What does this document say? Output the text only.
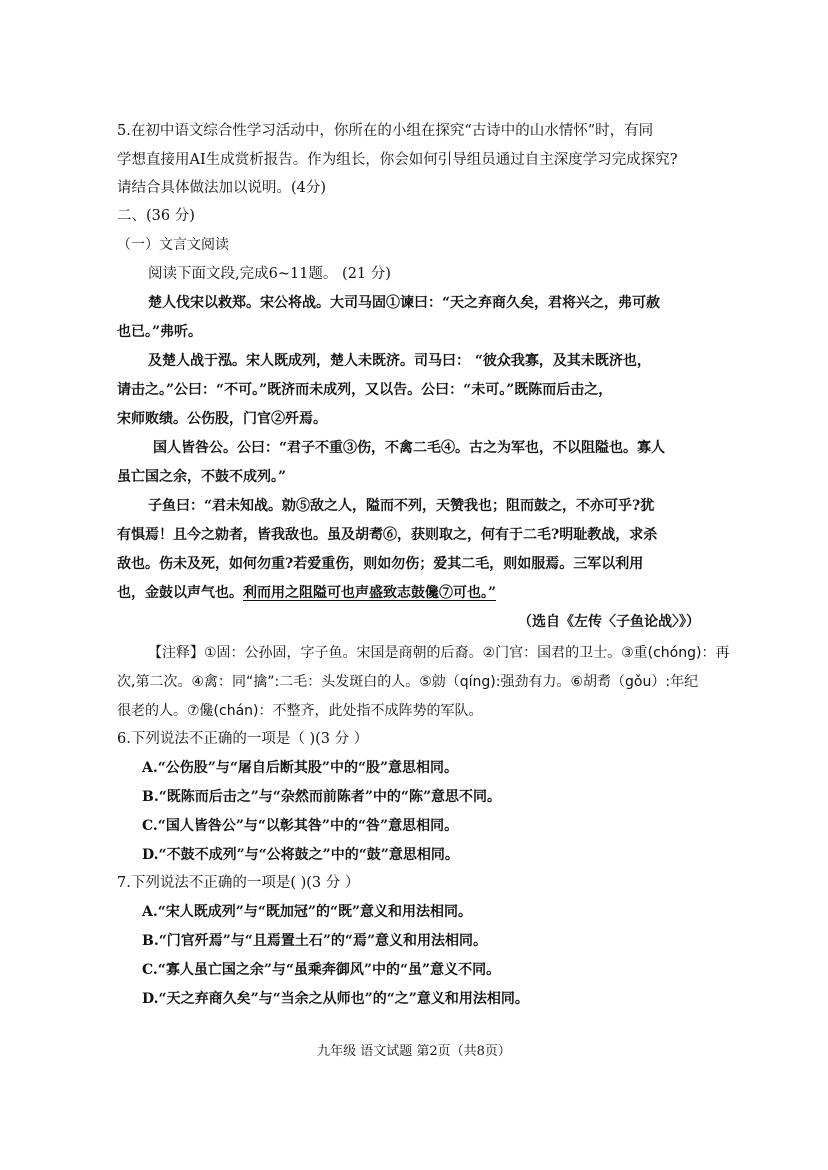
5.在初中语文综合性学习活动中，你所在的小组在探究“古诗中的山水情怀”时，有同
学想直接用AI生成赏析报告。作为组长，你会如何引导组员通过自主深度学习完成探究?
请结合具体做法加以说明。(4分)
二、(36 分)
（一）文言文阅读
阅读下面文段,完成6~11题。 (21 分)
楚人伐宋以救郑。宋公将战。大司马固①谏曰：“天之弃商久矣，君将兴之，弗可赦
也已。”弗听。
及楚人战于泓。宋人既成列，楚人未既济。司马曰： “彼众我寡，及其未既济也，
请击之。”公曰：“不可。”既济而未成列，又以告。公曰：“未可。”既陈而后击之，
宋师败绩。公伤股，门官②歼焉。
国人皆咎公。公曰：“君子不重③伤，不禽二毛④。古之为军也，不以阻隘也。寡人
虽亡国之余，不鼓不成列。”
子鱼曰：“君未知战。勍⑤敌之人，隘而不列，天赞我也；阻而鼓之，不亦可乎?犹
有惧焉！且今之勍者，皆我敌也。虽及胡耉⑥，获则取之，何有于二毛?明耻教战，求杀
敌也。伤未及死，如何勿重?若爱重伤，则如勿伤；爱其二毛，则如服焉。三军以利用
也，金鼓以声气也。利而用之阻隘可也声盛致志鼓儳⑦可也。”
（选自《左传〈子鱼论战〉》）
【注释】①固：公孙固，字子鱼。宋国是商朝的后裔。②门官：国君的卫士。③重(chóng)：再
次,第二次。④禽：同“擒”:二毛：头发斑白的人。⑤勍（qíng):强劲有力。⑥胡耉（gǒu）:年纪
很老的人。⑦儳(chán)：不整齐，此处指不成阵势的军队。
6.下列说法不正确的一项是（ )(3 分 ）
A.“公伤股”与“屠自后断其股”中的“股”意思相同。
B.“既陈而后击之”与“杂然而前陈者”中的“陈”意思不同。
C.“国人皆咎公”与“以彰其咎”中的“咎”意思相同。
D.“不鼓不成列”与“公将鼓之”中的“鼓”意思相同。
7.下列说法不正确的一项是( )(3 分 ）
A.“宋人既成列”与“既加冠”的“既”意义和用法相同。
B.“门官歼焉”与“且焉置土石”的“焉”意义和用法相同。
C.“寡人虽亡国之余”与“虽乘奔御风”中的“虽”意义不同。
D.“天之弃商久矣”与“当余之从师也”的“之”意义和用法相同。
九年级 语文试题 第2页（共8页）
